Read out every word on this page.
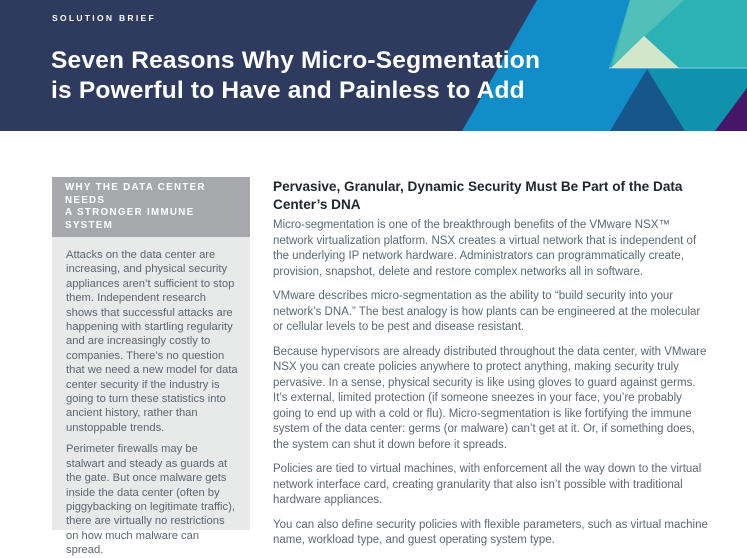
SOLUTION BRIEF
Seven Reasons Why Micro-Segmentation
is Powerful to Have and Painless to Add
WHY THE DATA CENTER NEEDS
A STRONGER IMMUNE SYSTEM

Attacks on the data center are increasing, and physical security appliances aren’t sufficient to stop them. Independent research shows that successful attacks are happening with startling regularity and are increasingly costly to companies. There’s no question that we need a new model for data center security if the industry is going to turn these statistics into ancient history, rather than unstoppable trends.

Perimeter firewalls may be stalwart and steady as guards at the gate. But once malware gets inside the data center (often by piggybacking on legitimate traffic), there are virtually no restrictions on how much malware can spread.

Pervasive, Granular, Dynamic Security Must Be Part of the Data Center’s DNA

Micro-segmentation is one of the breakthrough benefits of the VMware NSX™ network virtualization platform. NSX creates a virtual network that is independent of the underlying IP network hardware. Administrators can programmatically create, provision, snapshot, delete and restore complex networks all in software.

VMware describes micro-segmentation as the ability to “build security into your network’s DNA.” The best analogy is how plants can be engineered at the molecular or cellular levels to be pest and disease resistant.

Because hypervisors are already distributed throughout the data center, with VMware NSX you can create policies anywhere to protect anything, making security truly pervasive. In a sense, physical security is like using gloves to guard against germs. It’s external, limited protection (if someone sneezes in your face, you’re probably going to end up with a cold or flu). Micro-segmentation is like fortifying the immune system of the data center: germs (or malware) can’t get at it. Or, if something does, the system can shut it down before it spreads.

Policies are tied to virtual machines, with enforcement all the way down to the virtual network interface card, creating granularity that also isn’t possible with traditional hardware appliances.

You can also define security policies with flexible parameters, such as virtual machine name, workload type, and guest operating system type.
